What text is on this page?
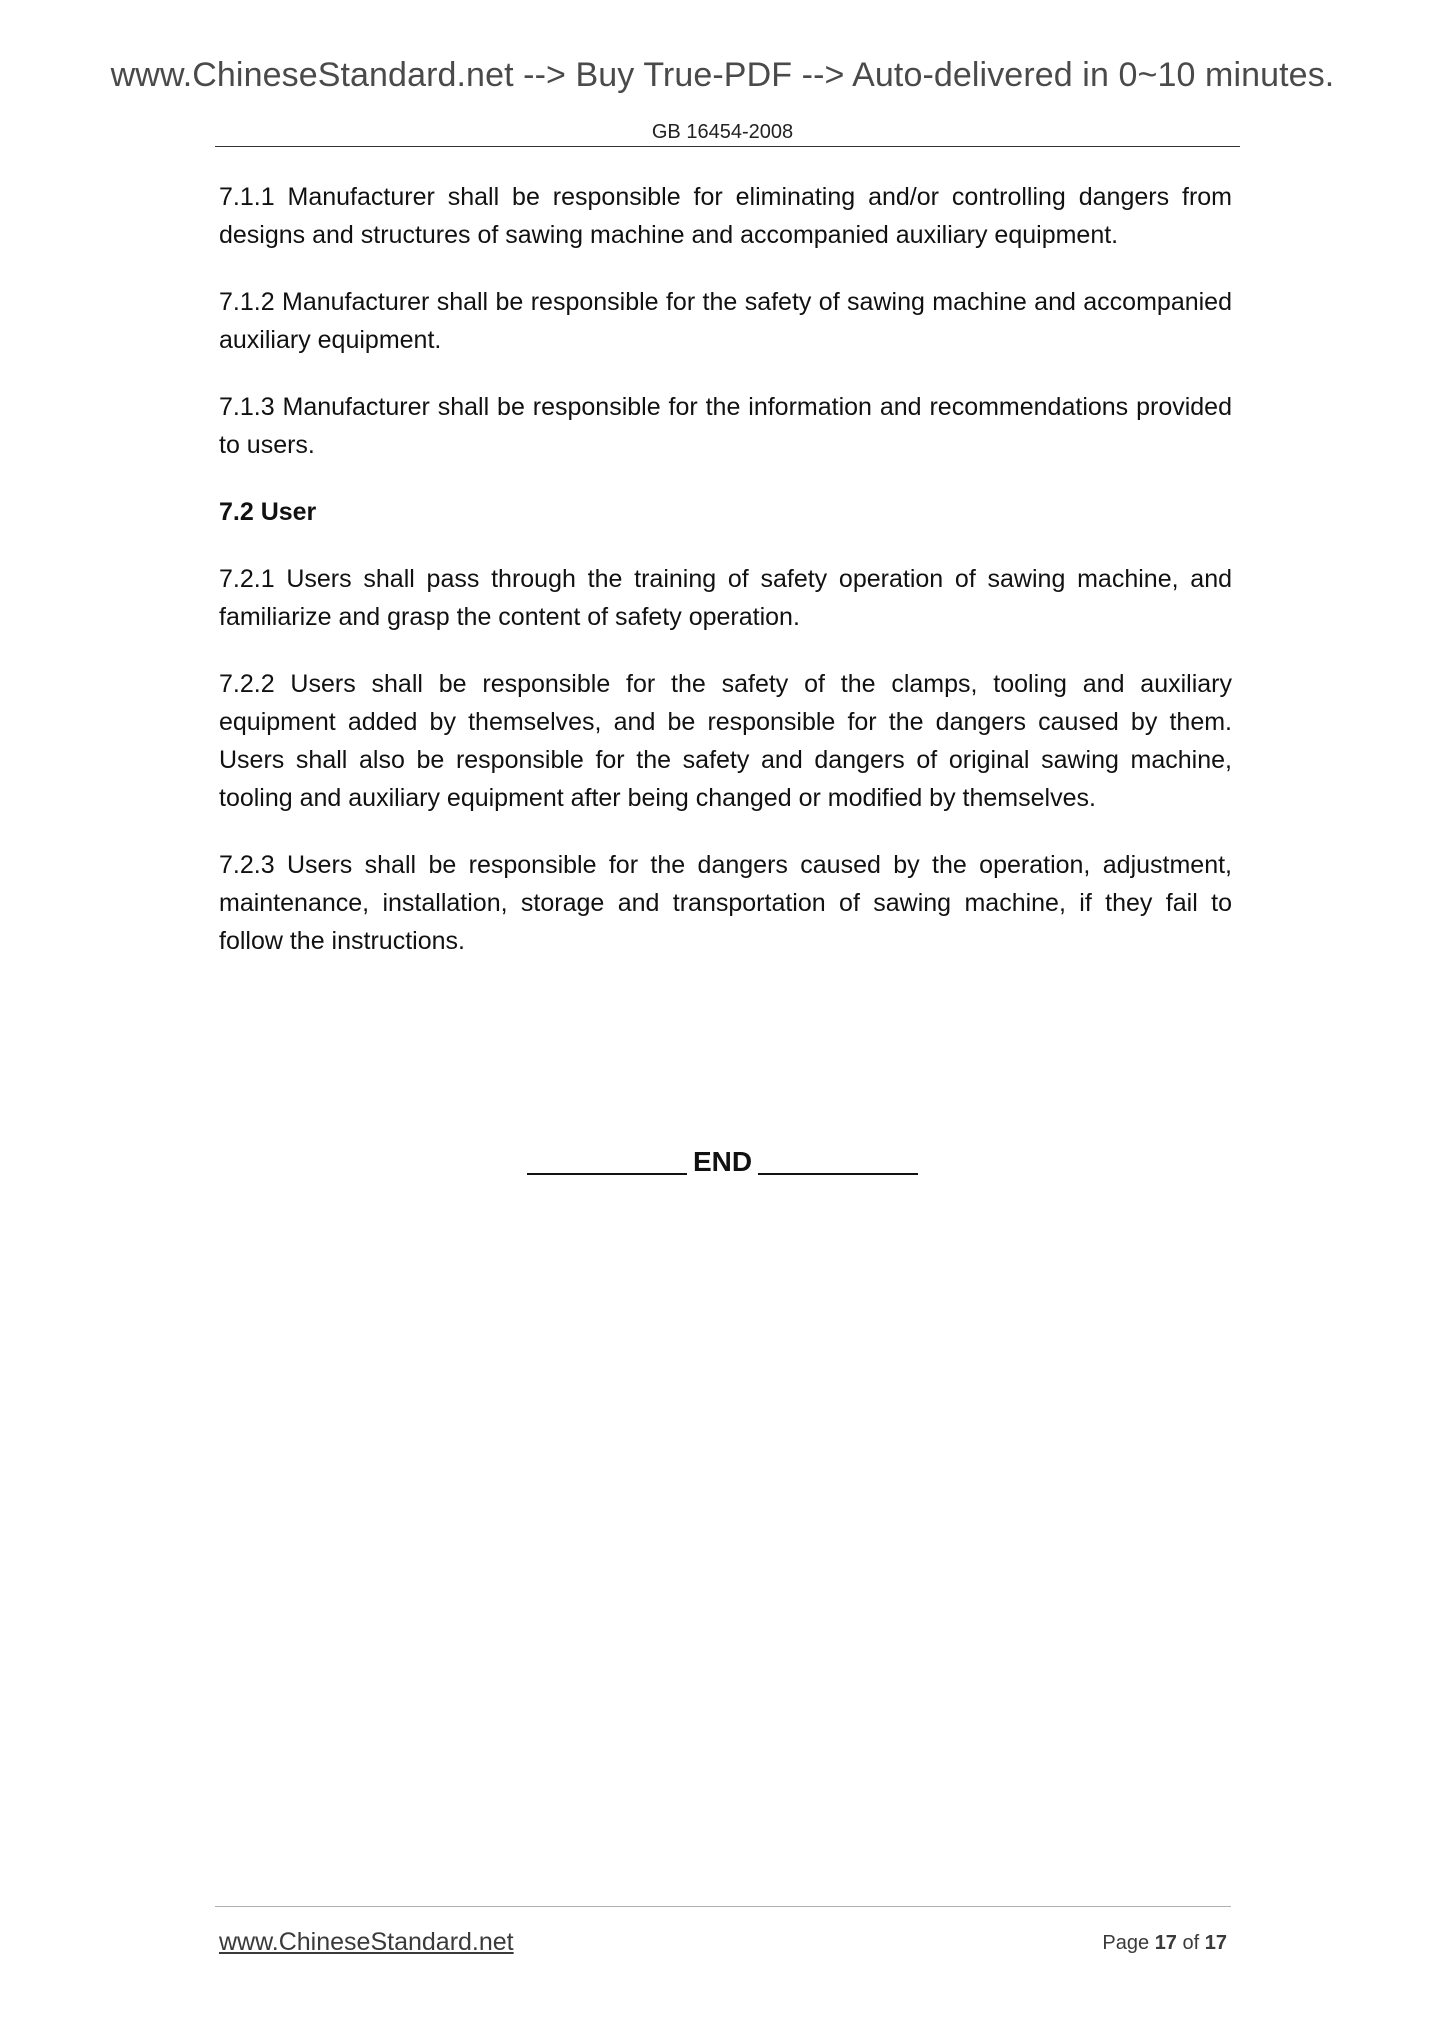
www.ChineseStandard.net --> Buy True-PDF --> Auto-delivered in 0~10 minutes.
GB 16454-2008

7.1.1 Manufacturer shall be responsible for eliminating and/or controlling dangers from designs and structures of sawing machine and accompanied auxiliary equipment.

7.1.2 Manufacturer shall be responsible for the safety of sawing machine and accompanied auxiliary equipment.

7.1.3 Manufacturer shall be responsible for the information and recommendations provided to users.

7.2 User

7.2.1 Users shall pass through the training of safety operation of sawing machine, and familiarize and grasp the content of safety operation.

7.2.2 Users shall be responsible for the safety of the clamps, tooling and auxiliary equipment added by themselves, and be responsible for the dangers caused by them. Users shall also be responsible for the safety and dangers of original sawing machine, tooling and auxiliary equipment after being changed or modified by themselves.

7.2.3 Users shall be responsible for the dangers caused by the operation, adjustment, maintenance, installation, storage and transportation of sawing machine, if they fail to follow the instructions.

END
www.ChineseStandard.net	Page 17 of 17
